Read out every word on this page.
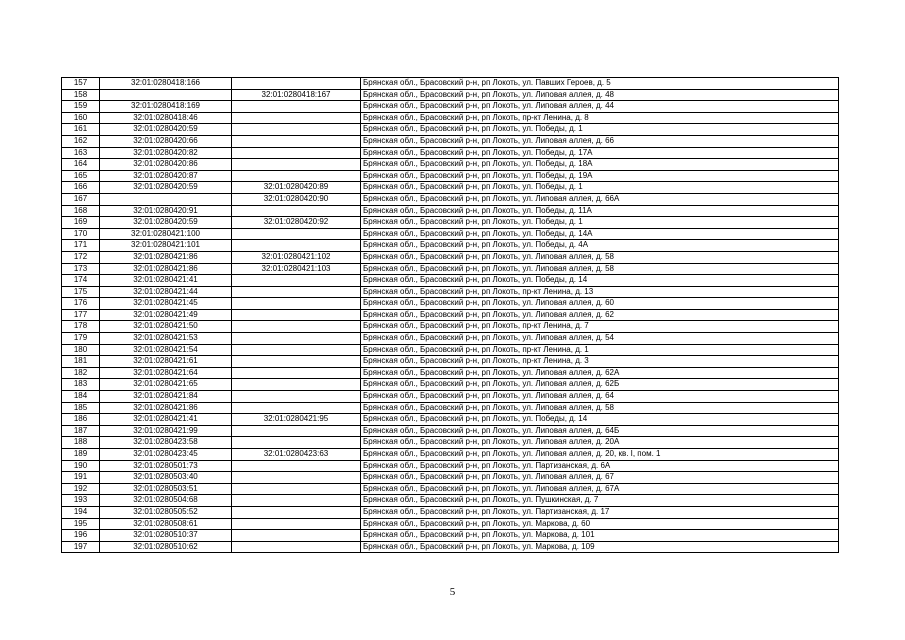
157	32:01:0280418:166		Брянская обл., Брасовский р-н, рп Локоть, ул. Павших Героев, д. 5
158		32:01:0280418:167	Брянская обл., Брасовский р-н, рп Локоть, ул. Липовая аллея, д. 48
159	32:01:0280418:169		Брянская обл., Брасовский р-н, рп Локоть, ул. Липовая аллея, д. 44
160	32:01:0280418:46		Брянская обл., Брасовский р-н, рп Локоть, пр-кт Ленина, д. 8
161	32:01:0280420:59		Брянская обл., Брасовский р-н, рп Локоть, ул. Победы, д. 1
162	32:01:0280420:66		Брянская обл., Брасовский р-н, рп Локоть, ул. Липовая аллея, д. 66
163	32:01:0280420:82		Брянская обл., Брасовский р-н, рп Локоть, ул. Победы, д. 17А
164	32:01:0280420:86		Брянская обл., Брасовский р-н, рп Локоть, ул. Победы, д. 18А
165	32:01:0280420:87		Брянская обл., Брасовский р-н, рп Локоть, ул. Победы, д. 19А
166	32:01:0280420:59	32:01:0280420:89	Брянская обл., Брасовский р-н, рп Локоть, ул. Победы, д. 1
167		32:01:0280420:90	Брянская обл., Брасовский р-н, рп Локоть, ул. Липовая аллея, д. 66А
168	32:01:0280420:91		Брянская обл., Брасовский р-н, рп Локоть, ул. Победы, д. 11А
169	32:01:0280420:59	32:01:0280420:92	Брянская обл., Брасовский р-н, рп Локоть, ул. Победы, д. 1
170	32:01:0280421:100		Брянская обл., Брасовский р-н, рп Локоть, ул. Победы, д. 14А
171	32:01:0280421:101		Брянская обл., Брасовский р-н, рп Локоть, ул. Победы, д. 4А
172	32:01:0280421:86	32:01:0280421:102	Брянская обл., Брасовский р-н, рп Локоть, ул. Липовая аллея, д. 58
173	32:01:0280421:86	32:01:0280421:103	Брянская обл., Брасовский р-н, рп Локоть, ул. Липовая аллея, д. 58
174	32:01:0280421:41		Брянская обл., Брасовский р-н, рп Локоть, ул. Победы, д. 14
175	32:01:0280421:44		Брянская обл., Брасовский р-н, рп Локоть, пр-кт Ленина, д. 13
176	32:01:0280421:45		Брянская обл., Брасовский р-н, рп Локоть, ул. Липовая аллея, д. 60
177	32:01:0280421:49		Брянская обл., Брасовский р-н, рп Локоть, ул. Липовая аллея, д. 62
178	32:01:0280421:50		Брянская обл., Брасовский р-н, рп Локоть, пр-кт Ленина, д. 7
179	32:01:0280421:53		Брянская обл., Брасовский р-н, рп Локоть, ул. Липовая аллея, д. 54
180	32:01:0280421:54		Брянская обл., Брасовский р-н, рп Локоть, пр-кт Ленина, д. 1
181	32:01:0280421:61		Брянская обл., Брасовский р-н, рп Локоть, пр-кт Ленина, д. 3
182	32:01:0280421:64		Брянская обл., Брасовский р-н, рп Локоть, ул. Липовая аллея, д. 62А
183	32:01:0280421:65		Брянская обл., Брасовский р-н, рп Локоть, ул. Липовая аллея, д. 62Б
184	32:01:0280421:84		Брянская обл., Брасовский р-н, рп Локоть, ул. Липовая аллея, д. 64
185	32:01:0280421:86		Брянская обл., Брасовский р-н, рп Локоть, ул. Липовая аллея, д. 58
186	32:01:0280421:41	32:01:0280421:95	Брянская обл., Брасовский р-н, рп Локоть, ул. Победы, д. 14
187	32:01:0280421:99		Брянская обл., Брасовский р-н, рп Локоть, ул. Липовая аллея, д. 64Б
188	32:01:0280423:58		Брянская обл., Брасовский р-н, рп Локоть, ул. Липовая аллея, д. 20А
189	32:01:0280423:45	32:01:0280423:63	Брянская обл., Брасовский р-н, рп Локоть, ул. Липовая аллея, д. 20, кв. I, пом. 1
190	32:01:0280501:73		Брянская обл., Брасовский р-н, рп Локоть, ул. Партизанская, д. 6А
191	32:01:0280503:40		Брянская обл., Брасовский р-н, рп Локоть, ул. Липовая аллея, д. 67
192	32:01:0280503:51		Брянская обл., Брасовский р-н, рп Локоть, ул. Липовая аллея, д. 67А
193	32:01:0280504:68		Брянская обл., Брасовский р-н, рп Локоть, ул. Пушкинская, д. 7
194	32:01:0280505:52		Брянская обл., Брасовский р-н, рп Локоть, ул. Партизанская, д. 17
195	32:01:0280508:61		Брянская обл., Брасовский р-н, рп Локоть, ул. Маркова, д. 60
196	32:01:0280510:37		Брянская обл., Брасовский р-н, рп Локоть, ул. Маркова, д. 101
197	32:01:0280510:62		Брянская обл., Брасовский р-н, рп Локоть, ул. Маркова, д. 109
5
